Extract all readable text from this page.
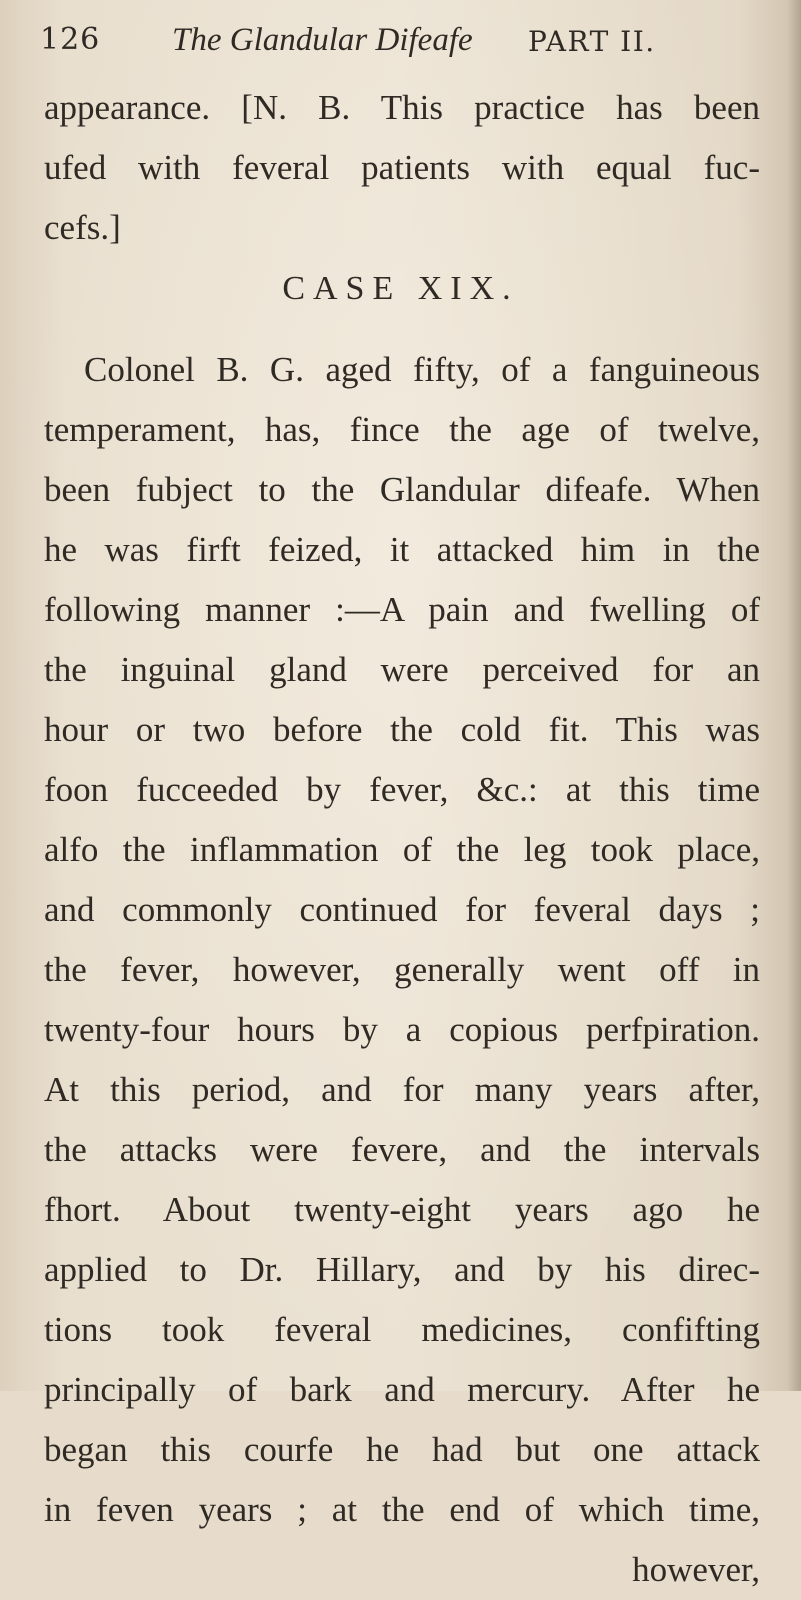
126 The Glandular Difeafe PART II.
appearance. [N. B. This practice has been
ufed with feveral patients with equal fuc-
cefs.]
CASE XIX.
Colonel B. G. aged fifty, of a fanguineous
temperament, has, fince the age of twelve,
been fubject to the Glandular difeafe. When
he was firft feized, it attacked him in the
following manner :—A pain and fwelling of
the inguinal gland were perceived for an
hour or two before the cold fit. This was
foon fucceeded by fever, &c.: at this time
alfo the inflammation of the leg took place,
and commonly continued for feveral days ;
the fever, however, generally went off in
twenty-four hours by a copious perfpiration.
At this period, and for many years after,
the attacks were fevere, and the intervals
fhort. About twenty-eight years ago he
applied to Dr. Hillary, and by his direc-
tions took feveral medicines, confifting
principally of bark and mercury. After he
began this courfe he had but one attack
in feven years ; at the end of which time,
however,
